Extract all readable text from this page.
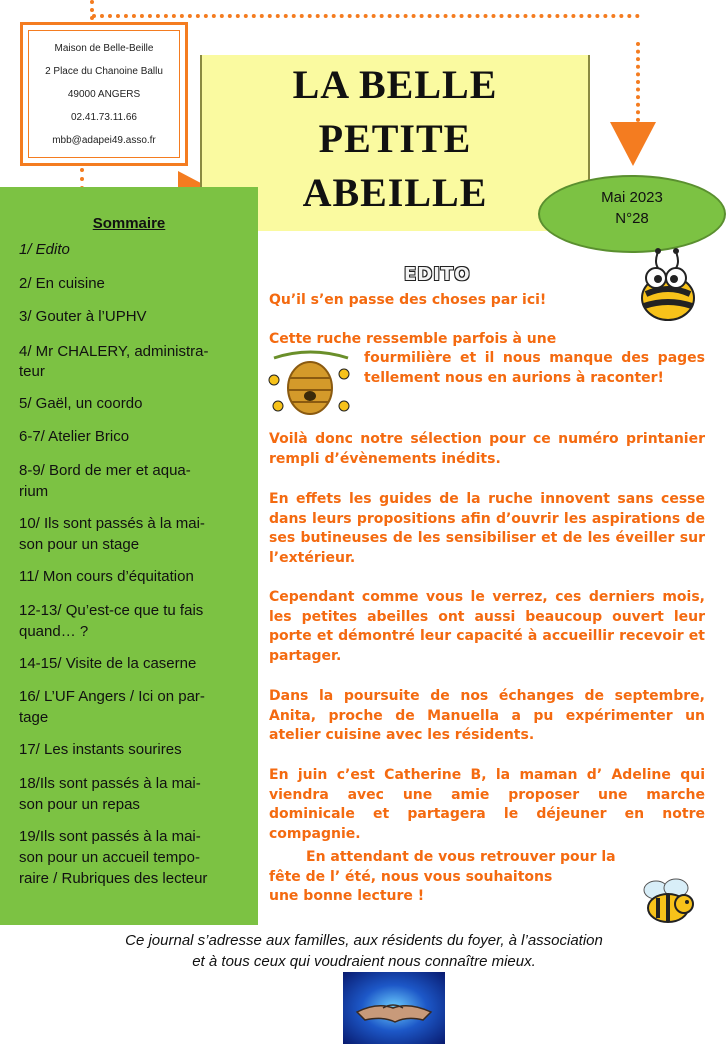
Maison de Belle-Beille
2 Place du Chanoine Ballu
49000 ANGERS
02.41.73.11.66
mbb@adapei49.asso.fr
LA BELLE
PETITE
ABEILLE	Mai 2023
N°28
Sommaire
1/ Edito
2/ En cuisine
3/ Gouter à l’UPHV
4/ Mr CHALERY, administra-
teur
5/ Gaël, un coordo
6-7/ Atelier Brico
8-9/ Bord de mer et aqua-
rium
10/ Ils sont passés à la mai-
son pour un stage
11/ Mon cours d’équitation
12-13/ Qu’est-ce que tu fais
quand… ?
14-15/ Visite de la caserne
16/ L’UF Angers / Ici on par-
tage
17/ Les instants sourires
18/Ils sont passés à la mai-
son pour un repas
19/Ils sont passés à la mai-
son pour un accueil tempo-
raire / Rubriques des lecteur
EDITO
Qu’il s’en passe des choses par ici!
Cette ruche ressemble parfois à une
fourmilière et il nous manque des pages tellement nous en aurions à raconter!
Voilà donc notre sélection pour ce numéro printanier rempli d’évènements inédits.
En effets les guides de la ruche innovent sans cesse dans leurs propositions afin d’ouvrir les aspirations de ses butineuses de les sensibiliser et de les éveiller sur l’extérieur.
Cependant comme vous le verrez, ces derniers mois, les petites abeilles ont aussi beaucoup ouvert leur porte et démontré leur capacité à accueillir recevoir et partager.
Dans la poursuite de nos échanges de septembre, Anita, proche de Manuella a pu expérimenter un atelier cuisine avec les résidents.
En juin c’est Catherine B, la maman d’ Adeline qui viendra avec une amie proposer une marche dominicale et partagera le déjeuner en notre compagnie.
En attendant de vous retrouver pour la
fête de l’ été, nous vous souhaitons
une bonne lecture !
Ce journal s’adresse aux familles, aux résidents du foyer, à l’association
et à tous ceux qui voudraient nous connaître mieux.
